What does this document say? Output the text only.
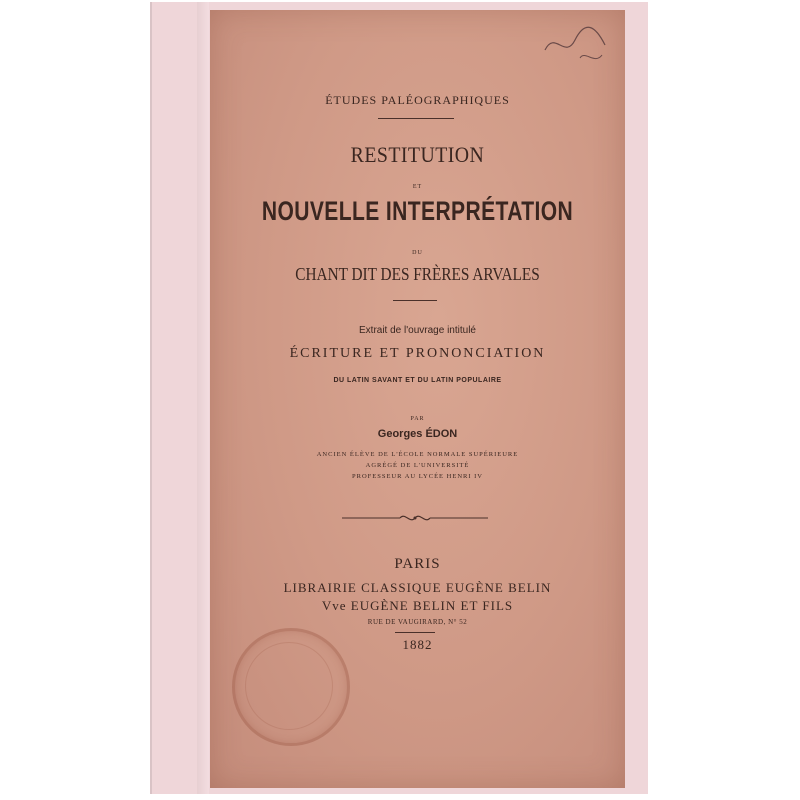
ÉTUDES PALÉOGRAPHIQUES
RESTITUTION
ET
NOUVELLE INTERPRÉTATION
DU
CHANT DIT DES FRÈRES ARVALES
Extrait de l'ouvrage intitulé
ÉCRITURE ET PRONONCIATION
DU LATIN SAVANT ET DU LATIN POPULAIRE
PAR
Georges ÉDON
ANCIEN ÉLÈVE DE L'ÉCOLE NORMALE SUPÉRIEURE
AGRÉGÉ DE L'UNIVERSITÉ
PROFESSEUR AU LYCÉE HENRI IV
PARIS
LIBRAIRIE CLASSIQUE EUGÈNE BELIN
Vve EUGÈNE BELIN ET FILS
RUE DE VAUGIRARD, N° 52
1882
